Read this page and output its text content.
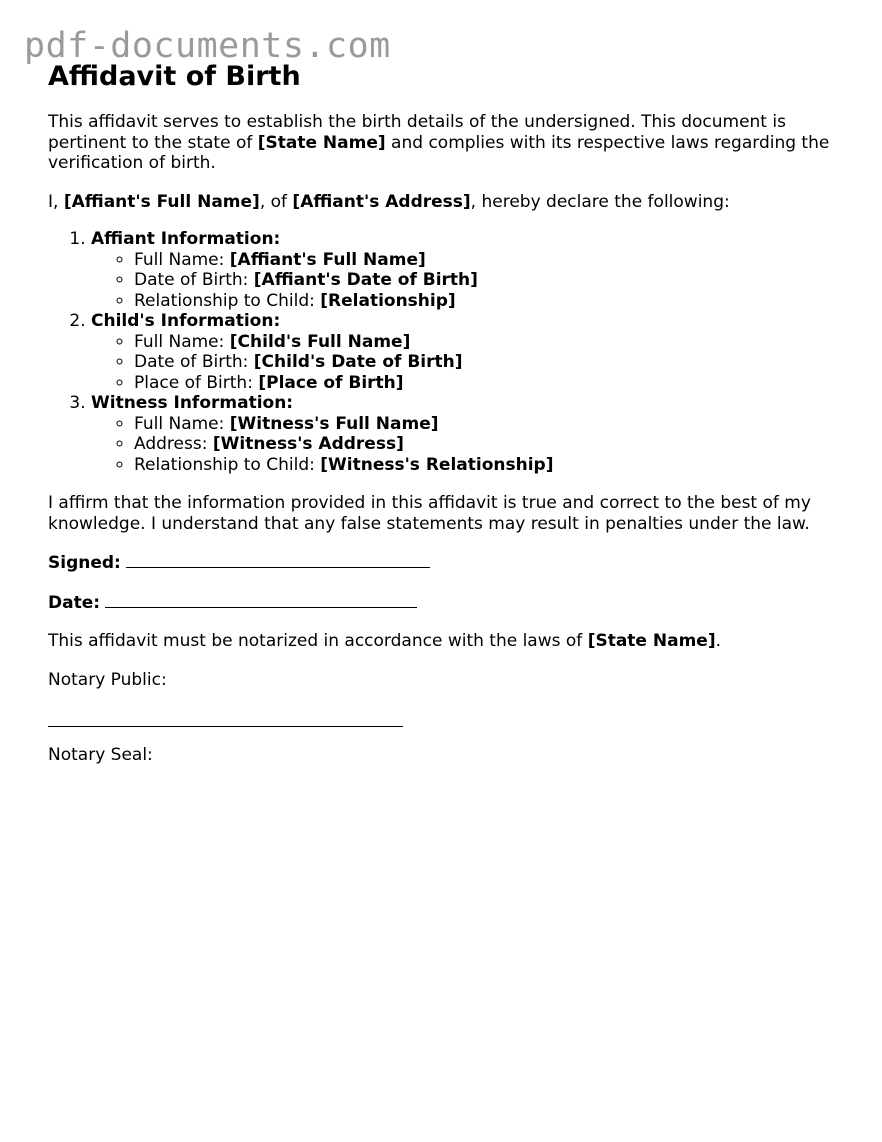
pdf-documents.com
Affidavit of Birth

This affidavit serves to establish the birth details of the undersigned. This document is pertinent to the state of [State Name] and complies with its respective laws regarding the verification of birth.

I, [Affiant's Full Name], of [Affiant's Address], hereby declare the following:

1. Affiant Information:
◦ Full Name: [Affiant's Full Name]
◦ Date of Birth: [Affiant's Date of Birth]
◦ Relationship to Child: [Relationship]
2. Child's Information:
◦ Full Name: [Child's Full Name]
◦ Date of Birth: [Child's Date of Birth]
◦ Place of Birth: [Place of Birth]
3. Witness Information:
◦ Full Name: [Witness's Full Name]
◦ Address: [Witness's Address]
◦ Relationship to Child: [Witness's Relationship]

I affirm that the information provided in this affidavit is true and correct to the best of my knowledge. I understand that any false statements may result in penalties under the law.

Signed:

Date:

This affidavit must be notarized in accordance with the laws of [State Name].

Notary Public:

Notary Seal:
